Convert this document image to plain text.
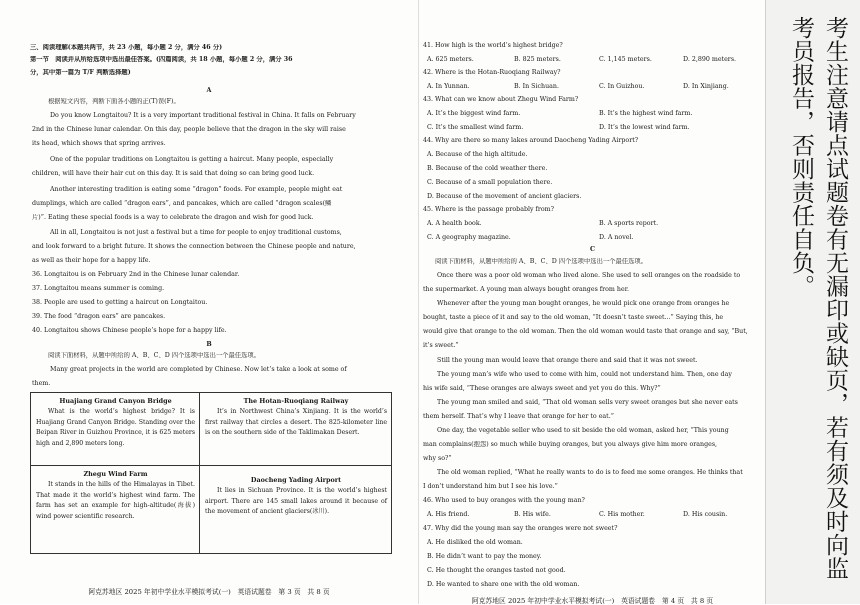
三、阅读理解(本题共两节，共 23 小题，每小题 2 分，满分 46 分)
第一节　阅读并从所给选项中选出最佳答案。(四篇阅读，共 18 小题，每小题 2 分，满分 36
分，其中第一篇为 T/F 判断选择题)
A
根据短文内容，判断下面各小题的正(T)误(F)。
Do you know Longtaitou? It is a very important traditional festival in China. It falls on February
2nd in the Chinese lunar calendar. On this day, people believe that the dragon in the sky will raise
its head, which shows that spring arrives.
One of the popular traditions on Longtaitou is getting a haircut. Many people, especially
children, will have their hair cut on this day. It is said that doing so can bring good luck.
Another interesting tradition is eating some “dragon” foods. For example, people might eat
dumplings, which are called “dragon ears”, and pancakes, which are called “dragon scales(鳞
片)”. Eating these special foods is a way to celebrate the dragon and wish for good luck.
All in all, Longtaitou is not just a festival but a time for people to enjoy traditional customs,
and look forward to a bright future. It shows the connection between the Chinese people and nature,
as well as their hope for a happy life.
36. Longtaitou is on February 2nd in the Chinese lunar calendar.
37. Longtaitou means summer is coming.
38. People are used to getting a haircut on Longtaitou.
39. The food “dragon ears” are pancakes.
40. Longtaitou shows Chinese people’s hope for a happy life.
B
阅读下面材料，从题中所给的 A、B、C、D 四个选项中选出一个最佳选项。
Many great projects in the world are completed by Chinese. Now let’s take a look at some of
them.
Huajiang Grand Canyon Bridge
What is the world’s highest bridge? It is Huajiang Grand Canyon Bridge. Standing over the Beipan River in Guizhou Province, it is 625 meters high and 2,890 meters long.
The Hotan-Ruoqiang Railway
It’s in Northwest China’s Xinjiang. It is the world’s first railway that circles a desert. The 825-kilometer line is on the southern side of the Taklimakan Desert.
Zhegu Wind Farm
It stands in the hills of the Himalayas in Tibet. That made it the world’s highest wind farm. The farm has set an example for high-altitude(海拔) wind power scientific research.
Daocheng Yading Airport
It lies in Sichuan Province. It is the world’s highest airport. There are 145 small lakes around it because of the movement of ancient glaciers(冰川).
阿克苏地区 2025 年初中学业水平模拟考试(一)　英语试题卷　第 3 页　共 8 页
41. How high is the world’s highest bridge?
A. 625 meters.	B. 825 meters.	C. 1,145 meters.	D. 2,890 meters.
42. Where is the Hotan-Ruoqiang Railway?
A. In Yunnan.	B. In Sichuan.	C. In Guizhou.	D. In Xinjiang.
43. What can we know about Zhegu Wind Farm?
A. It’s the biggest wind farm.	B. It’s the highest wind farm.
C. It’s the smallest wind farm.	D. It’s the lowest wind farm.
44. Why are there so many lakes around Daocheng Yading Airport?
A. Because of the high altitude.
B. Because of the cold weather there.
C. Because of a small population there.
D. Because of the movement of ancient glaciers.
45. Where is the passage probably from?
A. A health book.	B. A sports report.
C. A geography magazine.	D. A novel.
C
阅读下面材料，从题中所给的 A、B、C、D 四个选项中选出一个最佳选项。
Once there was a poor old woman who lived alone. She used to sell oranges on the roadside to
the supermarket. A young man always bought oranges from her.
Whenever after the young man bought oranges, he would pick one orange from oranges he
bought, taste a piece of it and say to the old woman, “It doesn’t taste sweet...” Saying this, he
would give that orange to the old woman. Then the old woman would taste that orange and say, “But,
it’s sweet.”
Still the young man would leave that orange there and said that it was not sweet.
The young man’s wife who used to come with him, could not understand him. Then, one day
his wife said, “These oranges are always sweet and yet you do this. Why?”
The young man smiled and said, “That old woman sells very sweet oranges but she never eats
them herself. That’s why I leave that orange for her to eat.”
One day, the vegetable seller who used to sit beside the old woman, asked her, “This young
man complains(抱怨) so much while buying oranges, but you always give him more oranges,
why so?”
The old woman replied, “What he really wants to do is to feed me some oranges. He thinks that
I don’t understand him but I see his love.”
46. Who used to buy oranges with the young man?
A. His friend.	B. His wife.	C. His mother.	D. His cousin.
47. Why did the young man say the oranges were not sweet?
A. He disliked the old woman.
B. He didn’t want to pay the money.
C. He thought the oranges tasted not good.
D. He wanted to share one with the old woman.
阿克苏地区 2025 年初中学业水平模拟考试(一)　英语试题卷　第 4 页　共 8 页
考生注意请点试题卷有无漏印或缺页，若有须及时向监考员报告，否则责任自负。
